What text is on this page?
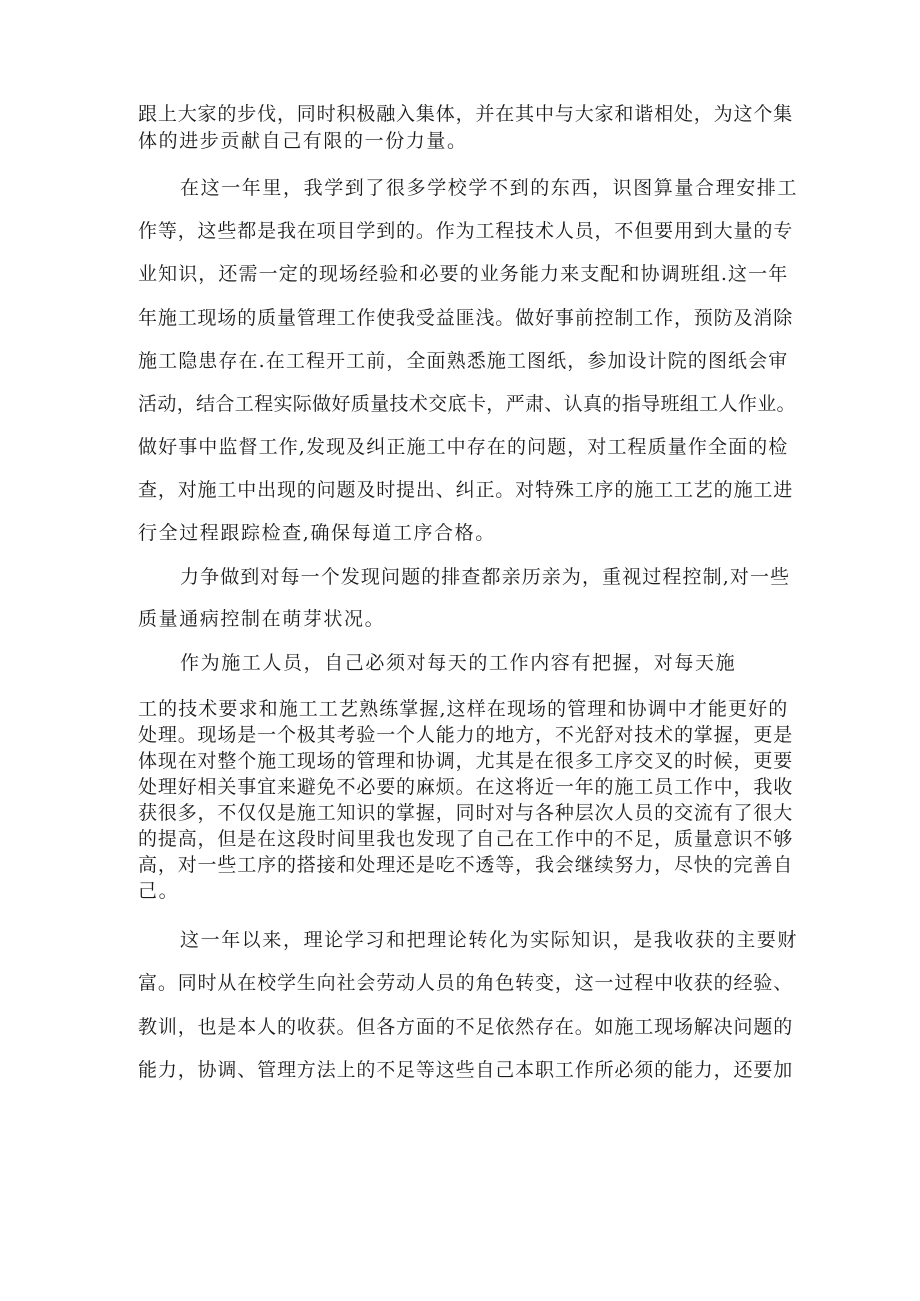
跟上大家的步伐，同时积极融入集体，并在其中与大家和谐相处，为这个集
体的进步贡献自己有限的一份力量。
在这一年里，我学到了很多学校学不到的东西，识图算量合理安排工
作等，这些都是我在项目学到的。作为工程技术人员，不但要用到大量的专
业知识，还需一定的现场经验和必要的业务能力来支配和协调班组.这一年
年施工现场的质量管理工作使我受益匪浅。做好事前控制工作，预防及消除
施工隐患存在.在工程开工前，全面熟悉施工图纸，参加设计院的图纸会审
活动，结合工程实际做好质量技术交底卡，严肃、认真的指导班组工人作业。
做好事中监督工作,发现及纠正施工中存在的问题，对工程质量作全面的检
查，对施工中出现的问题及时提出、纠正。对特殊工序的施工工艺的施工进
行全过程跟踪检查,确保每道工序合格。
力争做到对每一个发现问题的排查都亲历亲为，重视过程控制,对一些
质量通病控制在萌芽状况。
作为施工人员，自己必须对每天的工作内容有把握，对每天施
工的技术要求和施工工艺熟练掌握,这样在现场的管理和协调中才能更好的
处理。现场是一个极其考验一个人能力的地方，不光舒对技术的掌握，更是
体现在对整个施工现场的管理和协调，尤其是在很多工序交叉的时候，更要
处理好相关事宜来避免不必要的麻烦。在这将近一年的施工员工作中，我收
获很多，不仅仅是施工知识的掌握，同时对与各种层次人员的交流有了很大
的提高，但是在这段时间里我也发现了自己在工作中的不足，质量意识不够
高，对一些工序的搭接和处理还是吃不透等，我会继续努力，尽快的完善自
己。
这一年以来，理论学习和把理论转化为实际知识，是我收获的主要财
富。同时从在校学生向社会劳动人员的角色转变，这一过程中收获的经验、
教训，也是本人的收获。但各方面的不足依然存在。如施工现场解决问题的
能力，协调、管理方法上的不足等这些自己本职工作所必须的能力，还要加
